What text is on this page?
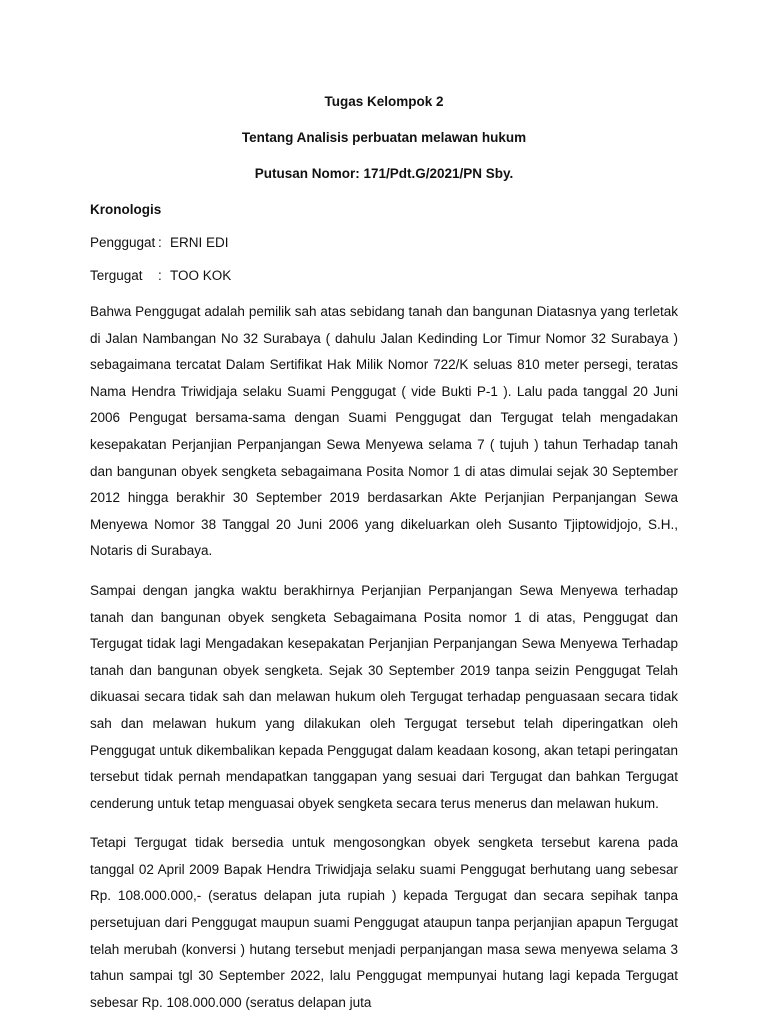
Tugas Kelompok 2
Tentang Analisis perbuatan melawan hukum
Putusan Nomor: 171/Pdt.G/2021/PN Sby.
Kronologis
Penggugat : ERNI EDI
Tergugat	: TOO KOK

Bahwa Penggugat adalah pemilik sah atas sebidang tanah dan bangunan Diatasnya yang terletak di Jalan Nambangan No 32 Surabaya ( dahulu Jalan Kedinding Lor Timur Nomor 32 Surabaya ) sebagaimana tercatat Dalam Sertifikat Hak Milik Nomor 722/K seluas 810 meter persegi, teratas Nama Hendra Triwidjaja selaku Suami Penggugat ( vide Bukti P-1 ). Lalu pada tanggal 20 Juni 2006 Pengugat bersama-sama dengan Suami Penggugat dan Tergugat telah mengadakan kesepakatan Perjanjian Perpanjangan Sewa Menyewa selama 7 ( tujuh ) tahun Terhadap tanah dan bangunan obyek sengketa sebagaimana Posita Nomor 1 di atas dimulai sejak 30 September 2012 hingga berakhir 30 September 2019 berdasarkan Akte Perjanjian Perpanjangan Sewa Menyewa Nomor 38 Tanggal 20 Juni 2006 yang dikeluarkan oleh Susanto Tjiptowidjojo, S.H., Notaris di Surabaya.

Sampai dengan jangka waktu berakhirnya Perjanjian Perpanjangan Sewa Menyewa terhadap tanah dan bangunan obyek sengketa Sebagaimana Posita nomor 1 di atas, Penggugat dan Tergugat tidak lagi Mengadakan kesepakatan Perjanjian Perpanjangan Sewa Menyewa Terhadap tanah dan bangunan obyek sengketa. Sejak 30 September 2019 tanpa seizin Penggugat Telah dikuasai secara tidak sah dan melawan hukum oleh Tergugat terhadap penguasaan secara tidak sah dan melawan hukum yang dilakukan oleh Tergugat tersebut telah diperingatkan oleh Penggugat untuk dikembalikan kepada Penggugat dalam keadaan kosong, akan tetapi peringatan tersebut tidak pernah mendapatkan tanggapan yang sesuai dari Tergugat dan bahkan Tergugat cenderung untuk tetap menguasai obyek sengketa secara terus menerus dan melawan hukum.

Tetapi Tergugat tidak bersedia untuk mengosongkan obyek sengketa tersebut karena pada tanggal 02 April 2009 Bapak Hendra Triwidjaja selaku suami Penggugat berhutang uang sebesar Rp. 108.000.000,- (seratus delapan juta rupiah ) kepada Tergugat dan secara sepihak tanpa persetujuan dari Penggugat maupun suami Penggugat ataupun tanpa perjanjian apapun Tergugat telah merubah (konversi ) hutang tersebut menjadi perpanjangan masa sewa menyewa selama 3 tahun sampai tgl 30 September 2022, lalu Penggugat mempunyai hutang lagi kepada Tergugat sebesar Rp. 108.000.000 (seratus delapan juta
